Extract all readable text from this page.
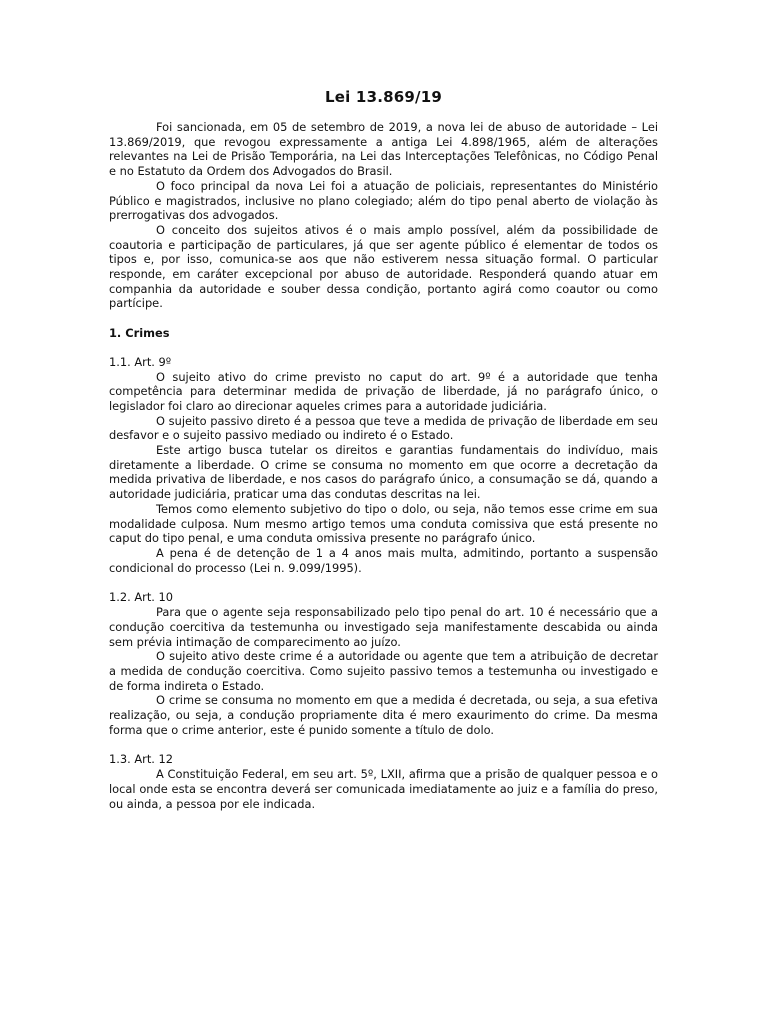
Lei 13.869/19

Foi sancionada, em 05 de setembro de 2019, a nova lei de abuso de autoridade – Lei 13.869/2019, que revogou expressamente a antiga Lei 4.898/1965, além de alterações relevantes na Lei de Prisão Temporária, na Lei das Interceptações Telefônicas, no Código Penal e no Estatuto da Ordem dos Advogados do Brasil.

O foco principal da nova Lei foi a atuação de policiais, representantes do Ministério Público e magistrados, inclusive no plano colegiado; além do tipo penal aberto de violação às prerrogativas dos advogados.

O conceito dos sujeitos ativos é o mais amplo possível, além da possibilidade de coautoria e participação de particulares, já que ser agente público é elementar de todos os tipos e, por isso, comunica-se aos que não estiverem nessa situação formal. O particular responde, em caráter excepcional por abuso de autoridade. Responderá quando atuar em companhia da autoridade e souber dessa condição, portanto agirá como coautor ou como partícipe.

1. Crimes
1.1. Art. 9º

O sujeito ativo do crime previsto no caput do art. 9º é a autoridade que tenha competência para determinar medida de privação de liberdade, já no parágrafo único, o legislador foi claro ao direcionar aqueles crimes para a autoridade judiciária.

O sujeito passivo direto é a pessoa que teve a medida de privação de liberdade em seu desfavor e o sujeito passivo mediado ou indireto é o Estado.

Este artigo busca tutelar os direitos e garantias fundamentais do indivíduo, mais diretamente a liberdade. O crime se consuma no momento em que ocorre a decretação da medida privativa de liberdade, e nos casos do parágrafo único, a consumação se dá, quando a autoridade judiciária, praticar uma das condutas descritas na lei.

Temos como elemento subjetivo do tipo o dolo, ou seja, não temos esse crime em sua modalidade culposa. Num mesmo artigo temos uma conduta comissiva que está presente no caput do tipo penal, e uma conduta omissiva presente no parágrafo único.

A pena é de detenção de 1 a 4 anos mais multa, admitindo, portanto a suspensão condicional do processo (Lei n. 9.099/1995).

1.2. Art. 10

Para que o agente seja responsabilizado pelo tipo penal do art. 10 é necessário que a condução coercitiva da testemunha ou investigado seja manifestamente descabida ou ainda sem prévia intimação de comparecimento ao juízo.

O sujeito ativo deste crime é a autoridade ou agente que tem a atribuição de decretar a medida de condução coercitiva. Como sujeito passivo temos a testemunha ou investigado e de forma indireta o Estado.

O crime se consuma no momento em que a medida é decretada, ou seja, a sua efetiva realização, ou seja, a condução propriamente dita é mero exaurimento do crime. Da mesma forma que o crime anterior, este é punido somente a título de dolo.

1.3. Art. 12

A Constituição Federal, em seu art. 5º, LXII, afirma que a prisão de qualquer pessoa e o local onde esta se encontra deverá ser comunicada imediatamente ao juiz e a família do preso, ou ainda, a pessoa por ele indicada.
